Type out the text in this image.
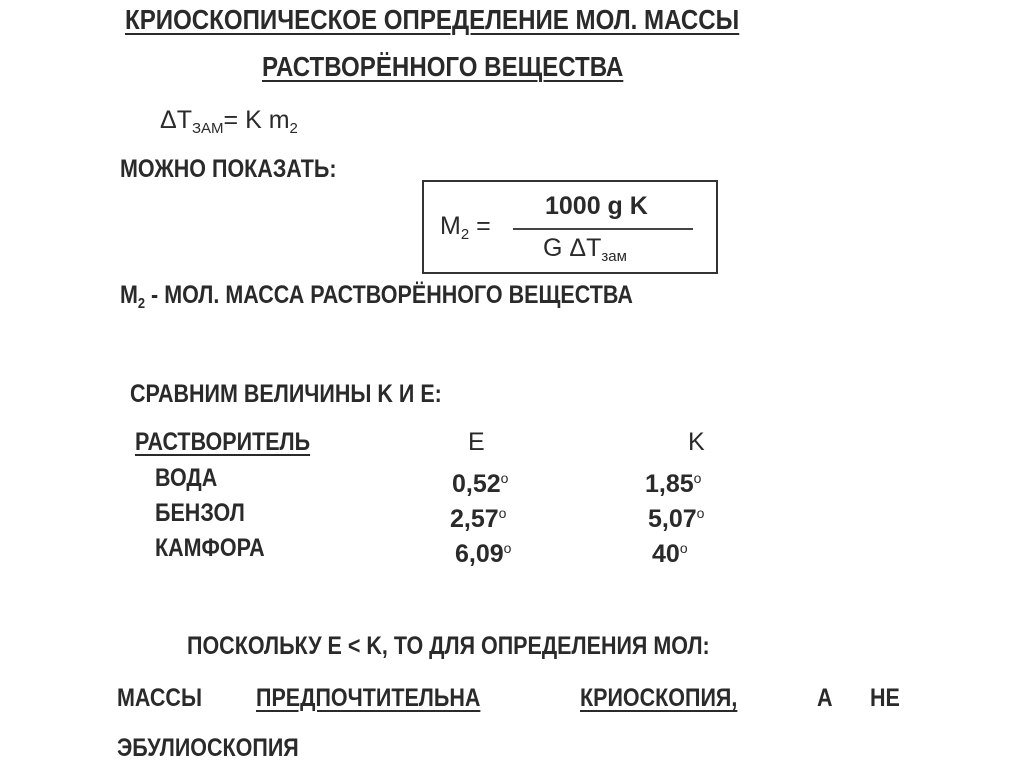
КРИОСКОПИЧЕСКОЕ ОПРЕДЕЛЕНИЕ МОЛ. МАССЫ
РАСТВОРЁННОГО ВЕЩЕСТВА
$\Delta T_{ЗАМ}= K$ $m_2$
МОЖНО ПОКАЗАТЬ:
$M_2$ =
1000 g K
G $\Delta T_{зам}$
$M_2$ - МОЛ. МАССА РАСТВОРЁННОГО ВЕЩЕСТВА
СРАВНИМ ВЕЛИЧИНЫ K И E:
РАСТВОРИТЕЛЬ	E	K
ВОДА	0,52$^o$	1,85$^o$
БЕНЗОЛ	2,57$^o$	5,07$^o$
КАМФОРА	6,09$^o$	40$^o$
ПОСКОЛЬКУ E < K, ТО ДЛЯ ОПРЕДЕЛЕНИЯ МОЛ:
МАССЫ ПРЕДПОЧТИТЕЛЬНА	КРИОСКОПИЯ,	А НЕ
ЭБУЛИОСКОПИЯ
